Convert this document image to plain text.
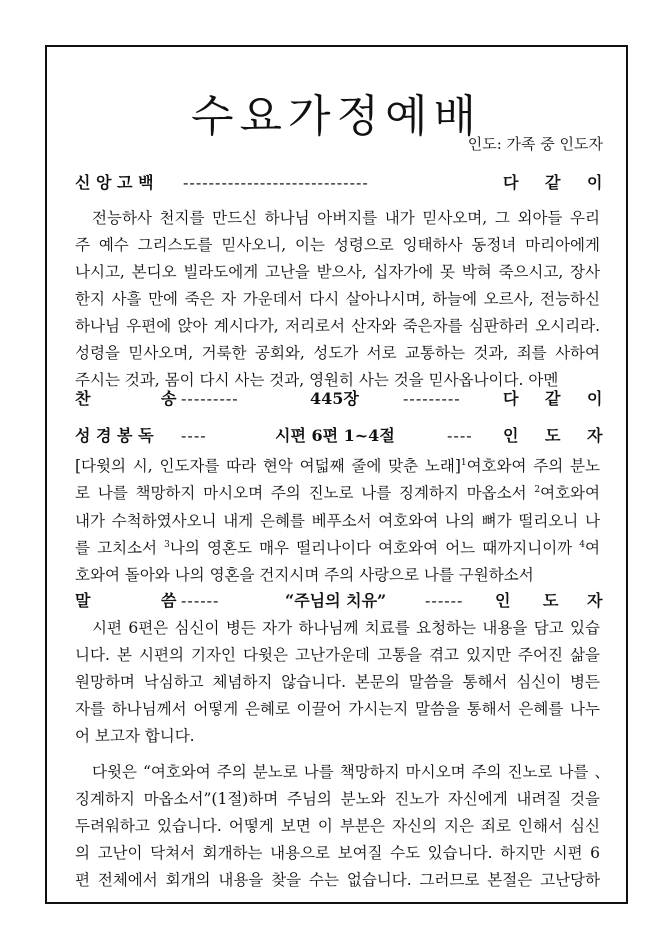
수요가정예배
인도: 가족 중 인도자
신 앙 고 백 -----------------------------	다 같 이
전능하사 천지를 만드신 하나님 아버지를 내가 믿사오며, 그 외아들 우리
주 예수 그리스도를 믿사오니, 이는 성령으로 잉태하사 동정녀 마리아에게
나시고, 본디오 빌라도에게 고난을 받으사, 십자가에 못 박혀 죽으시고, 장사
한지 사흘 만에 죽은 자 가운데서 다시 살아나시며, 하늘에 오르사, 전능하신
하나님 우편에 앉아 계시다가, 저리로서 산자와 죽은자를 심판하러 오시리라.
성령을 믿사오며, 거룩한 공회와, 성도가 서로 교통하는 것과, 죄를 사하여
주시는 것과, 몸이 다시 사는 것과, 영원히 사는 것을 믿사옵나이다. 아멘
찬	송 ---------	445장	---------	다 같 이
성 경 봉 독 ----	시편 6편 1~4절	---- 인 도 자
[다윗의 시, 인도자를 따라 현악 여덟째 줄에 맞춘 노래]$^1$여호와여 주의 분노
로 나를 책망하지 마시오며 주의 진노로 나를 징계하지 마옵소서 $^2$여호와여
내가 수척하였사오니 내게 은혜를 베푸소서 여호와여 나의 뼈가 떨리오니 나
를 고치소서 $^3$나의 영혼도 매우 떨리나이다 여호와여 어느 때까지니이까 $^4$여
호와여 돌아와 나의 영혼을 건지시며 주의 사랑으로 나를 구원하소서
말	씀 ------	“주님의 치유” ------ 인 도 자
시편 6편은 심신이 병든 자가 하나님께 치료를 요청하는 내용을 담고 있습
니다. 본 시편의 기자인 다윗은 고난가운데 고통을 겪고 있지만 주어진 삶을
원망하며 낙심하고 체념하지 않습니다. 본문의 말씀을 통해서 심신이 병든
자를 하나님께서 어떻게 은혜로 이끌어 가시는지 말씀을 통해서 은혜를 나누
어 보고자 합니다.
다윗은 “여호와여 주의 분노로 나를 책망하지 마시오며 주의 진노로 나를 、
징계하지 마옵소서”(1절)하며 주님의 분노와 진노가 자신에게 내려질 것을
두려워하고 있습니다. 어떻게 보면 이 부분은 자신의 지은 죄로 인해서 심신
의 고난이 닥쳐서 회개하는 내용으로 보여질 수도 있습니다. 하지만 시편 6
편 전체에서 회개의 내용을 찾을 수는 없습니다. 그러므로 본절은 고난당하
